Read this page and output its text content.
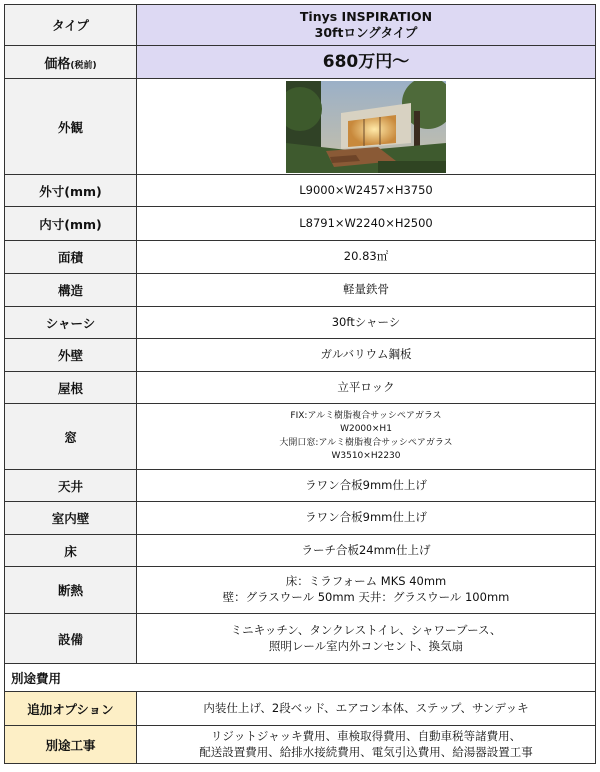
タイプ	Tinys INSPIRATION
30ftロングタイプ

価格(税前)	680万円～
外観	

外寸(mm)	L9000×W2457×H3750
内寸(mm)	L8791×W2240×H2500
面積	20.83㎡
構造	軽量鉄骨
シャーシ	30ftシャーシ
外壁	ガルバリウム鋼板
屋根	立平ロック
窓	FIX:アルミ樹脂複合サッシペアガラス
W2000×H1
大開口窓:アルミ樹脂複合サッシペアガラス
W3510×H2230

天井	ラワン合板9mm仕上げ
室内壁	ラワン合板9mm仕上げ
床	ラーチ合板24mm仕上げ
断熱	床：ミラフォーム MKS 40mm
壁：グラスウール 50mm 天井：グラスウール 100mm

設備	ミニキッチン、タンクレストイレ、シャワーブース、
照明レール室内外コンセント、換気扇

別途費用	
追加オプション	内装仕上げ、2段ベッド、エアコン本体、ステップ、サンデッキ
別途工事	リジットジャッキ費用、車検取得費用、自動車税等諸費用、
配送設置費用、給排水接続費用、電気引込費用、給湯器設置工事
